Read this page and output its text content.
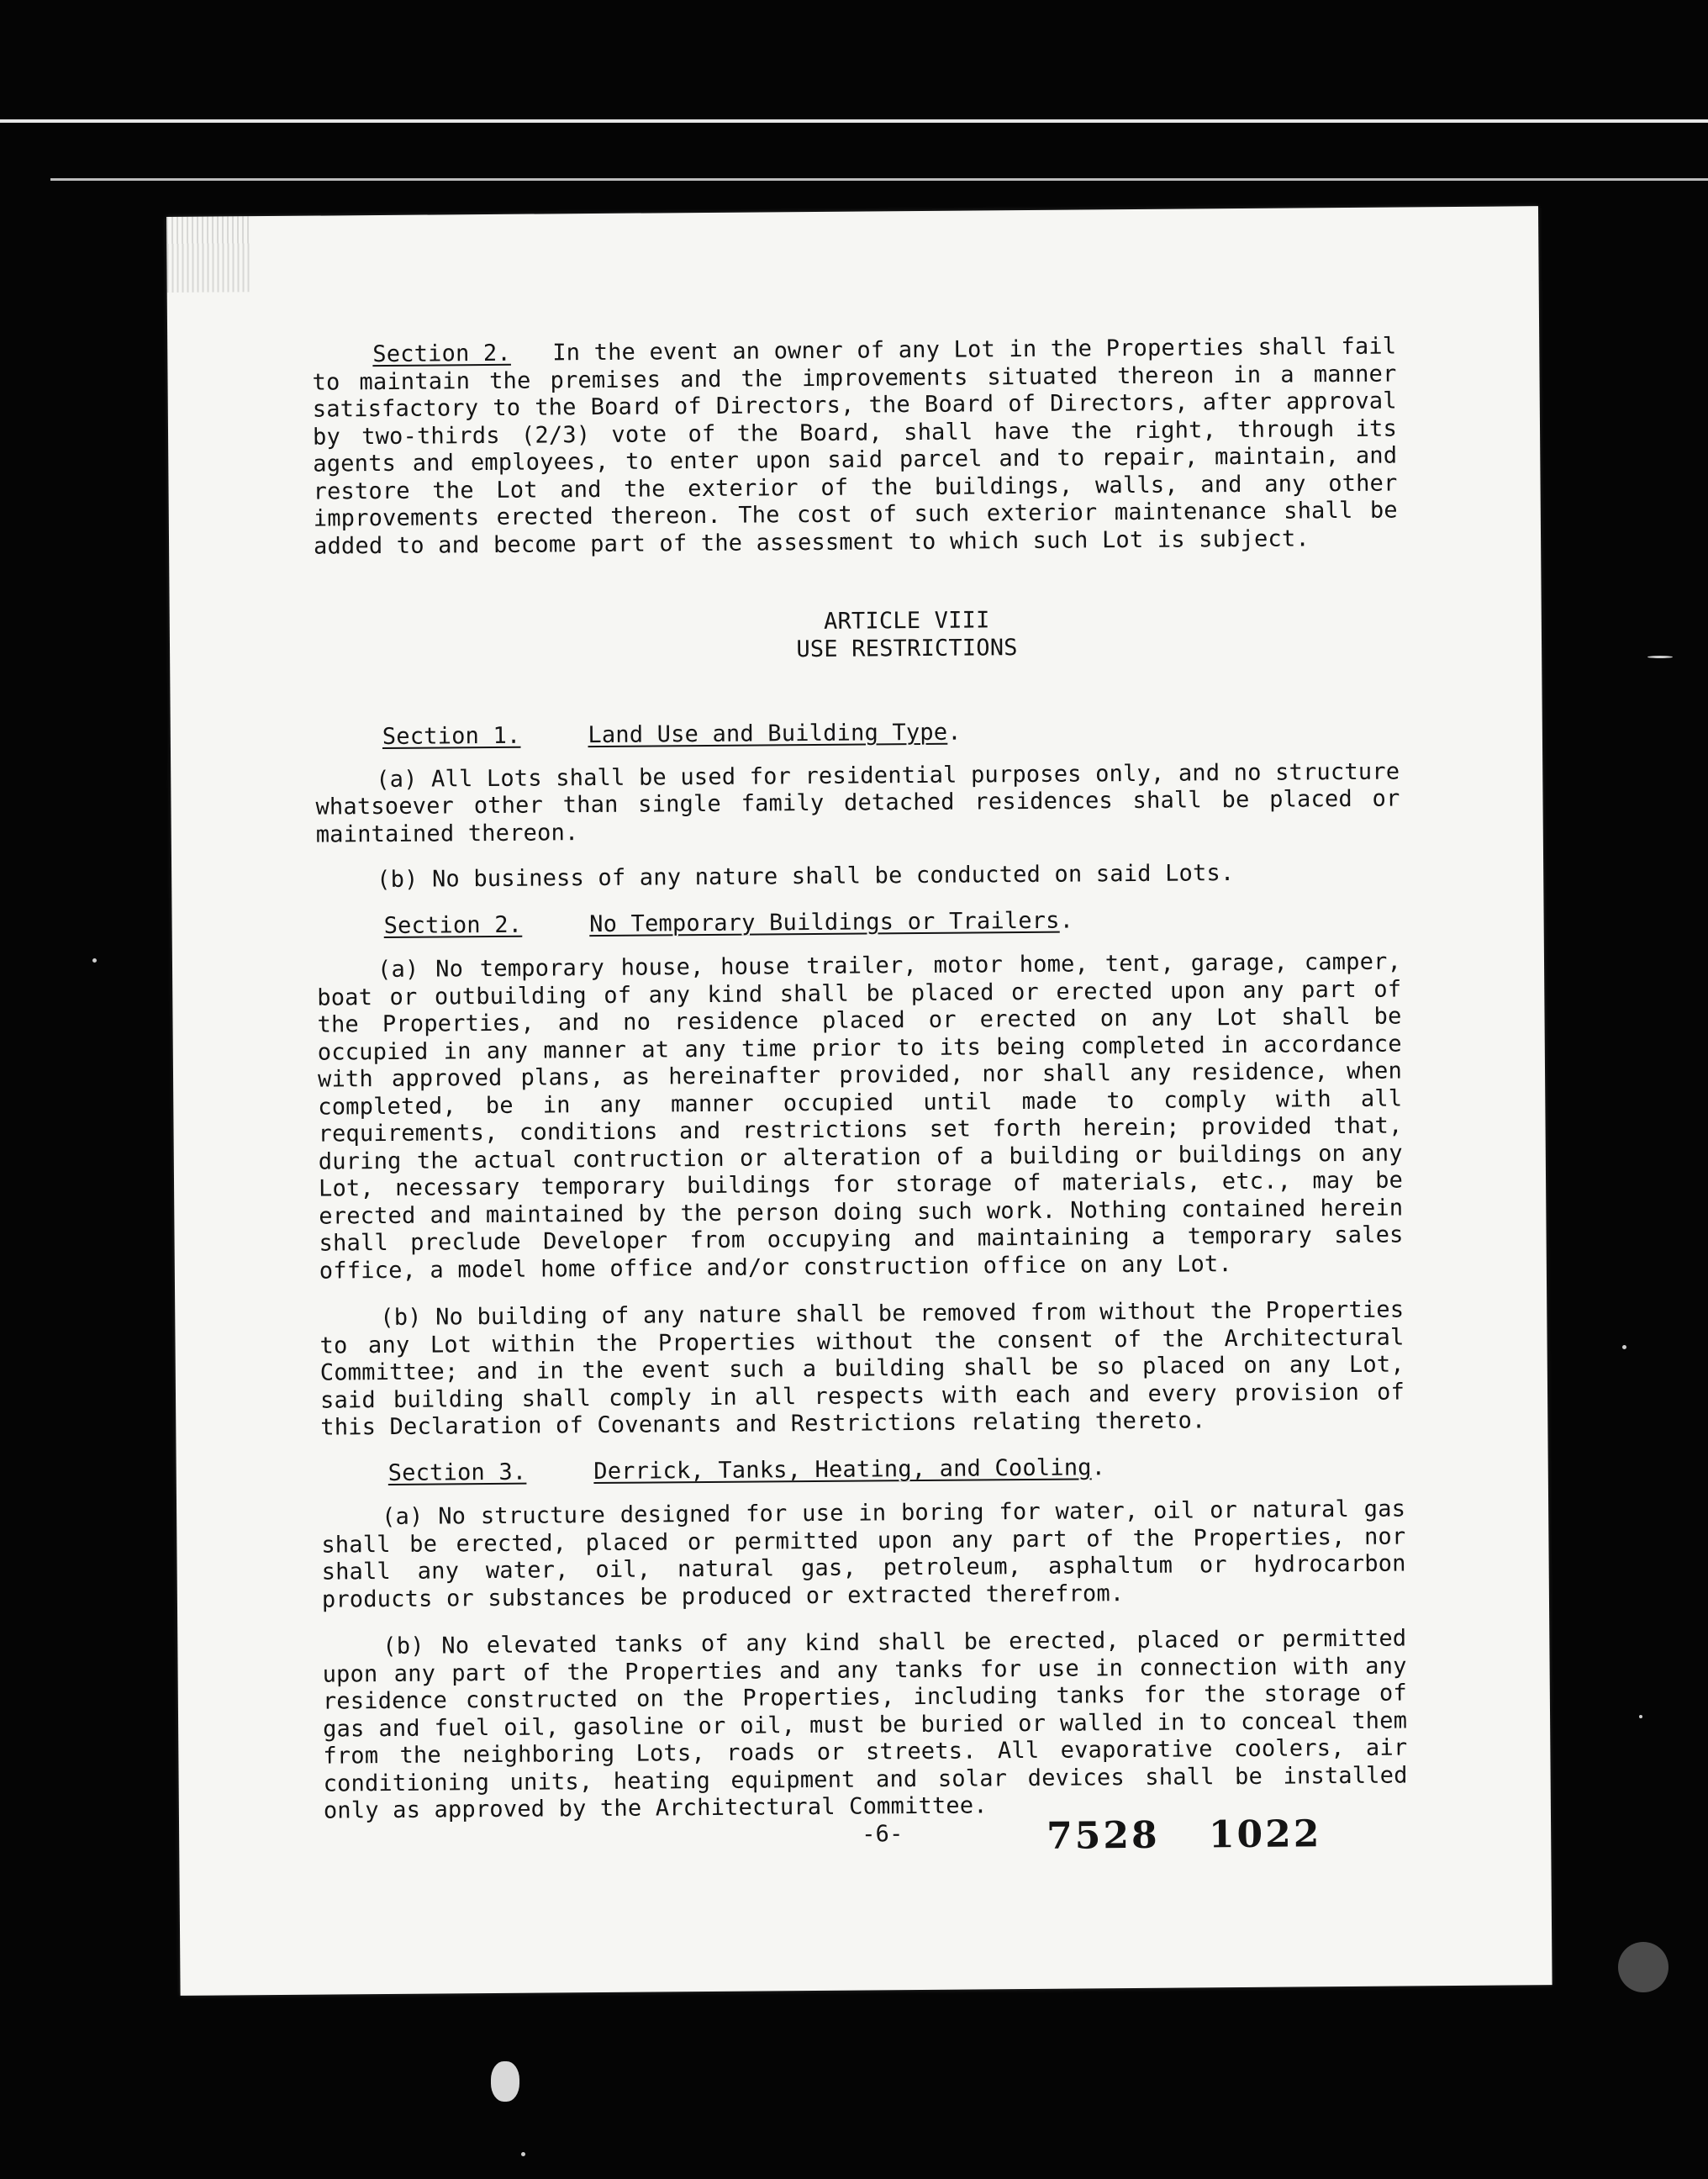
Section 2. In the event an owner of any Lot in the Properties shall fail to maintain the premises and the improvements situated thereon in a manner satisfactory to the Board of Directors, the Board of Directors, after approval by two-thirds (2/3) vote of the Board, shall have the right, through its agents and employees, to enter upon said parcel and to repair, maintain, and restore the Lot and the exterior of the buildings, walls, and any other improvements erected thereon. The cost of such exterior maintenance shall be added to and become part of the assessment to which such Lot is subject.

ARTICLE VIII

USE RESTRICTIONS

Section 1.	Land Use and Building Type.

(a) All Lots shall be used for residential purposes only, and no structure whatsoever other than single family detached residences shall be placed or maintained thereon.

(b) No business of any nature shall be conducted on said Lots.

Section 2.	No Temporary Buildings or Trailers.

(a) No temporary house, house trailer, motor home, tent, garage, camper, boat or outbuilding of any kind shall be placed or erected upon any part of the Properties, and no residence placed or erected on any Lot shall be occupied in any manner at any time prior to its being completed in accordance with approved plans, as hereinafter provided, nor shall any residence, when completed, be in any manner occupied until made to comply with all requirements, conditions and restrictions set forth herein; provided that, during the actual contruction or alteration of a building or buildings on any Lot, necessary temporary buildings for storage of materials, etc., may be erected and maintained by the person doing such work. Nothing contained herein shall preclude Developer from occupying and maintaining a temporary sales office, a model home office and/or construction office on any Lot.

(b) No building of any nature shall be removed from without the Properties to any Lot within the Properties without the consent of the Architectural Committee; and in the event such a building shall be so placed on any Lot, said building shall comply in all respects with each and every provision of this Declaration of Covenants and Restrictions relating thereto.

Section 3.	Derrick, Tanks, Heating, and Cooling.

(a) No structure designed for use in boring for water, oil or natural gas shall be erected, placed or permitted upon any part of the Properties, nor shall any water, oil, natural gas, petroleum, asphaltum or hydrocarbon products or substances be produced or extracted therefrom.

(b) No elevated tanks of any kind shall be erected, placed or permitted upon any part of the Properties and any tanks for use in connection with any residence constructed on the Properties, including tanks for the storage of gas and fuel oil, gasoline or oil, must be buried or walled in to conceal them from the neighboring Lots, roads or streets. All evaporative coolers, air conditioning units, heating equipment and solar devices shall be installed only as approved by the Architectural Committee.

-6-	7528 1022
